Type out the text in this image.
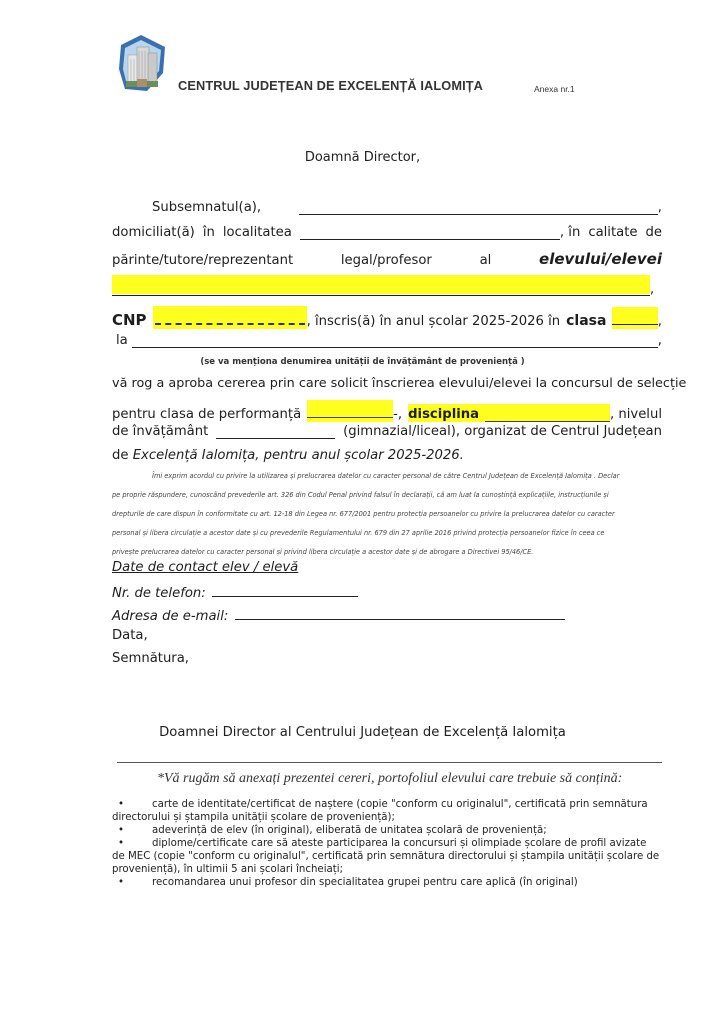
CENTRUL JUDEȚEAN DE EXCELENȚĂ IALOMIȚA	Anexa nr.1
Doamnă Director,
Subsemnatul(a),	,
domiciliat(ă) în localitatea	, în calitate de
părinte/tutore/reprezentant	legal/profesor	al	elevului/elevei
,
CNP	, înscris(ă) în anul școlar 2025-2026 în clasa	,
la	,
(se va menționa denumirea unității de învățământ de proveniență )
vă rog a aproba cererea prin care solicit înscrierea elevului/elevei la concursul de selecție
pentru clasa de performanță	-, disciplina	, nivelul
de învățământ	(gimnazial/liceal), organizat de Centrul Județean
de Excelență Ialomița, pentru anul școlar 2025-2026.
Îmi exprim acordul cu privire la utilizarea și prelucrarea datelor cu caracter personal de către Centrul Județean de Excelență Ialomița . Declar
pe proprie răspundere, cunoscând prevederile art. 326 din Codul Penal privind falsul în declarații, că am luat la cunoștință explicațiile, instrucțiunile și
drepturile de care dispun în conformitate cu art. 12-18 din Legea nr. 677/2001 pentru protecția persoanelor cu privire la prelucrarea datelor cu caracter
personal și libera circulație a acestor date și cu prevederile Regulamentului nr. 679 din 27 aprilie 2016 privind protecția persoanelor fizice în ceea ce
privește prelucrarea datelor cu caracter personal și privind libera circulație a acestor date și de abrogare a Directivei 95/46/CE.
Date de contact elev / elevă
Nr. de telefon:
Adresa de e-mail:
Data,
Semnătura,
Doamnei Director al Centrului Județean de Excelență Ialomița
*Vă rugăm să anexați prezentei cereri, portofoliul elevului care trebuie să conțină:
•	carte de identitate/certificat de naștere (copie "conform cu originalul", certificată prin semnătura
directorului și ștampila unității școlare de proveniență);
•	adeverință de elev (în original), eliberată de unitatea școlară de proveniență;
•	diplome/certificate care să ateste participarea la concursuri și olimpiade școlare de profil avizate
de MEC (copie "conform cu originalul", certificată prin semnătura directorului și ștampila unității școlare de
proveniență), în ultimii 5 ani școlari încheiați;
•	recomandarea unui profesor din specialitatea grupei pentru care aplică (în original)
